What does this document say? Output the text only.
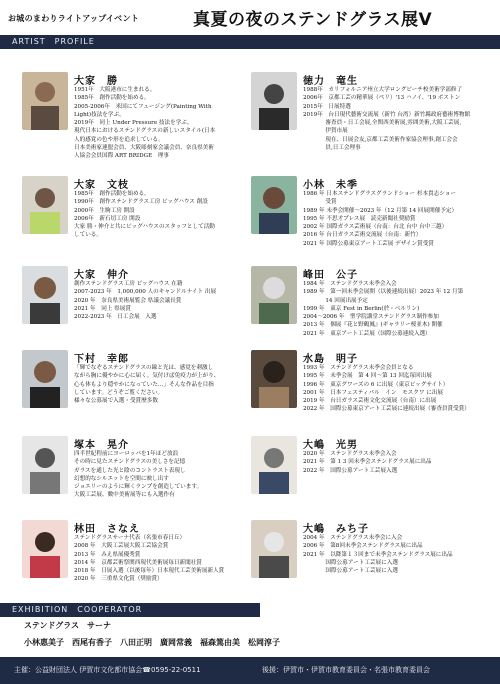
お城のまわりライトアップイベント	真夏の夜のステンドグラス展Ⅴ
ARTIST　PROFILE
大家　勝
1951年　大阪港市に生まれる。
1985年　創作活動を始める。
2005-2006年　米国にてフュージング(Painting With
Light)技法を学ぶ。
2019年　同上 Under Pressure 技法を学ぶ。
現代日本におけるステンドグラスの新しいスタイル(日本
人的感覚の色や形を追求している。
日本美術家連盟会員、大阪彫刻家会議会員、奈良県美術
人協会会員国際 ART BRIDGE　理事
大家　文枝
1985年　創作活動を始める。
1990年　創作ステンドグラス工房 ビッグハウス 創設
2000年　生駒工房 開設
2006年　新石切工房 開設
大家 勝・伸介と共にビッグハウスのスタッフとして活動
している。
大家　伸介
創作ステンドグラス工房 ビッグハウス 在籍
2007-2023 年　1,000,000 人のキャンドルナイト 出展
2020 年　奈良県美術展覧会 県議会議長賞
2021 年　同上 県展賞
2022-2023 年　日工会展　入選
下村　幸郎
「輝でなぞるステンドグラスの線と光は、感覚を刺激し
ながら胸に優やかに心に届く。気付けば免疫力が上がり、
心も体もより穏やかになっていた…」そんな作品を目指
しています。どうぞご覧ください。
様々な公募展で入選・受賞歴多数
塚本　晃介
四半世紀程前にヨーロッパを1年ほど放浪
その時に見たステンドグラスの美しさを記憶
ガラスを通した光と陰のコントラスト表現し
幻想的なシルエットを空間に映し出す
ジョエリーのように輝くランプを創造しています。
大阪工芸展、數中美術展等にも入選作有
林田　さなえ
ステンドグラスサーナ代表（名張市春日丘）
2008 年　大阪工芸展大阪工芸協会賞
2013 年　みえ県展優秀賞
2014 年　京都芸術祭関西現代美術展毎日新聞社賞
2018 年　日展入選（以後毎年）日本現代工芸美術展新人賞
2020 年　三重県文化賞（奨励賞）
徳力　竜生
1988年　カリフォルニア州立大学ロングビーチ校美術学部修了
2006年　京都工芸の精華展（ペリ）'13 ハノイ、'19 ボストン
2015年　日展特選
2019年　台日現代藝術交流展（新竹 台湾）新竹縣政府藝術博物館
　　　　審査員・日工会展,全関西美術展,雰囲美術,大阪工芸展,
　　　　伊賀市展
　　　　現在、日展会友,京都工芸美術作家協会理事,創工会会
　　　　員,日工会理事
小林　未季
1986 年 日本ステンドグラスグランドショー 杉本貴志ショー
　　　　受賞
1989 年 未季会開催～2023 年（12 月第 14 回展開催予定）
1995 年 不思才プレス展　読売新聞社奨励賞
2002 年 国際ガラス芸術展（台南：台北 台中 台中三越）
2016 年 台日ガラス芸術交流展（台南：新竹）
2021 年 国際公募東京アート工芸展 デザイン賞受賞
峰田　公子
1984 年　ステンドグラス未季会入会
1989 年　第一回未季会展開（以後連続出展）2023 年 12 月第
　　　　14 回展出展予定
1999 年　東京 Fest in Berlin(於・ベルリン)
2004～2006 年　聖学院講堂ステンドグラス制作参加
2013 年　個展『花と野鶴鳳』(ギャラリー桜並木) 開催
2021 年　東京アート工芸展（国際公募連続入選）
水島　明子
1993 年　ステンドグラス未季会会員となる
1995 年　未季会展　第 4 回～第 13 回迄毎回出展
1996 年　東京グワーズの 6 に出展（東京ビッグサイト）
2001 年　日本フェスティバル　イン　モスクワ に出展
2019 年　台日ガラス芸術文化交流展（台南）に出展
2022 年　国際公募東京アート工芸展に連続出展（審査員賞受賞）
大嶋　光男
2020 年　ステンドグラス未季会入会
2021 年　第 1 3 回未季会ステンドグラス展に出品
2022 年　国際公募アート工芸展入選
大嶋　みち子
2004 年　ステンドグラス未季会に入会
2006 年　第8回未季会ステンドグラス展に出品
2021 年　以降第１３回まで未季会ステンドグラス展に出品
　　　　国際公募アート工芸展に入選
　　　　国際公募アート工芸展に入選
EXHIBITION　COOPERATOR
ステンドグラス　サーナ
小林惠美子　西尾有香子　八田正明　廣岡常義　福森篤由美　松岡淳子
主催：公益財団法人 伊賀市文化都市協会☎0595-22-0511	後援：伊賀市・伊賀市教育委員会・名張市教育委員会
